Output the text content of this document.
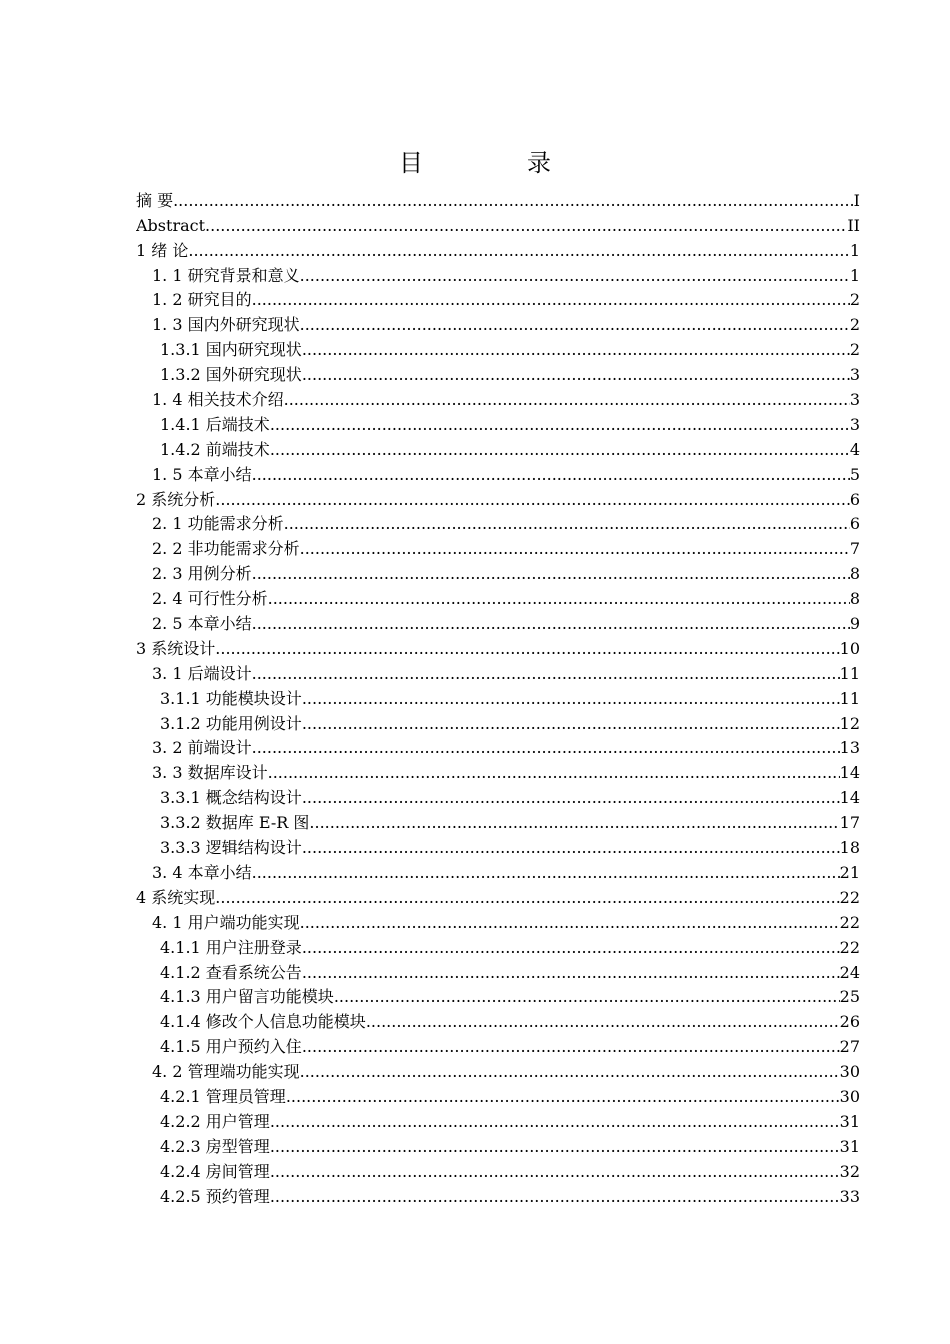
目　录
摘 要 .....	I
Abstract .....	II
1 绪 论 .....	1
1. 1 研究背景和意义 .....	1
1. 2 研究目的 .....	2
1. 3 国内外研究现状 .....	2
1.3.1 国内研究现状 .....	2
1.3.2 国外研究现状 .....	3
1. 4 相关技术介绍 .....	3
1.4.1 后端技术 .....	3
1.4.2 前端技术 .....	4
1. 5 本章小结 .....	5
2 系统分析 .....	6
2. 1 功能需求分析 .....	6
2. 2 非功能需求分析 .....	7
2. 3 用例分析 .....	8
2. 4 可行性分析 .....	8
2. 5 本章小结 .....	9
3 系统设计 .....	10
3. 1 后端设计 .....	11
3.1.1 功能模块设计 .....	11
3.1.2 功能用例设计 .....	12
3. 2 前端设计 .....	13
3. 3 数据库设计 .....	14
3.3.1 概念结构设计 .....	14
3.3.2 数据库 E-R 图 .....	17
3.3.3 逻辑结构设计 .....	18
3. 4 本章小结 .....	21
4 系统实现 .....	22
4. 1 用户端功能实现 .....	22
4.1.1 用户注册登录 .....	22
4.1.2 查看系统公告 .....	24
4.1.3 用户留言功能模块 .....	25
4.1.4 修改个人信息功能模块 .....	26
4.1.5 用户预约入住 .....	27
4. 2 管理端功能实现 .....	30
4.2.1 管理员管理 .....	30
4.2.2 用户管理 .....	31
4.2.3 房型管理 .....	31
4.2.4 房间管理 .....	32
4.2.5 预约管理 .....	33
